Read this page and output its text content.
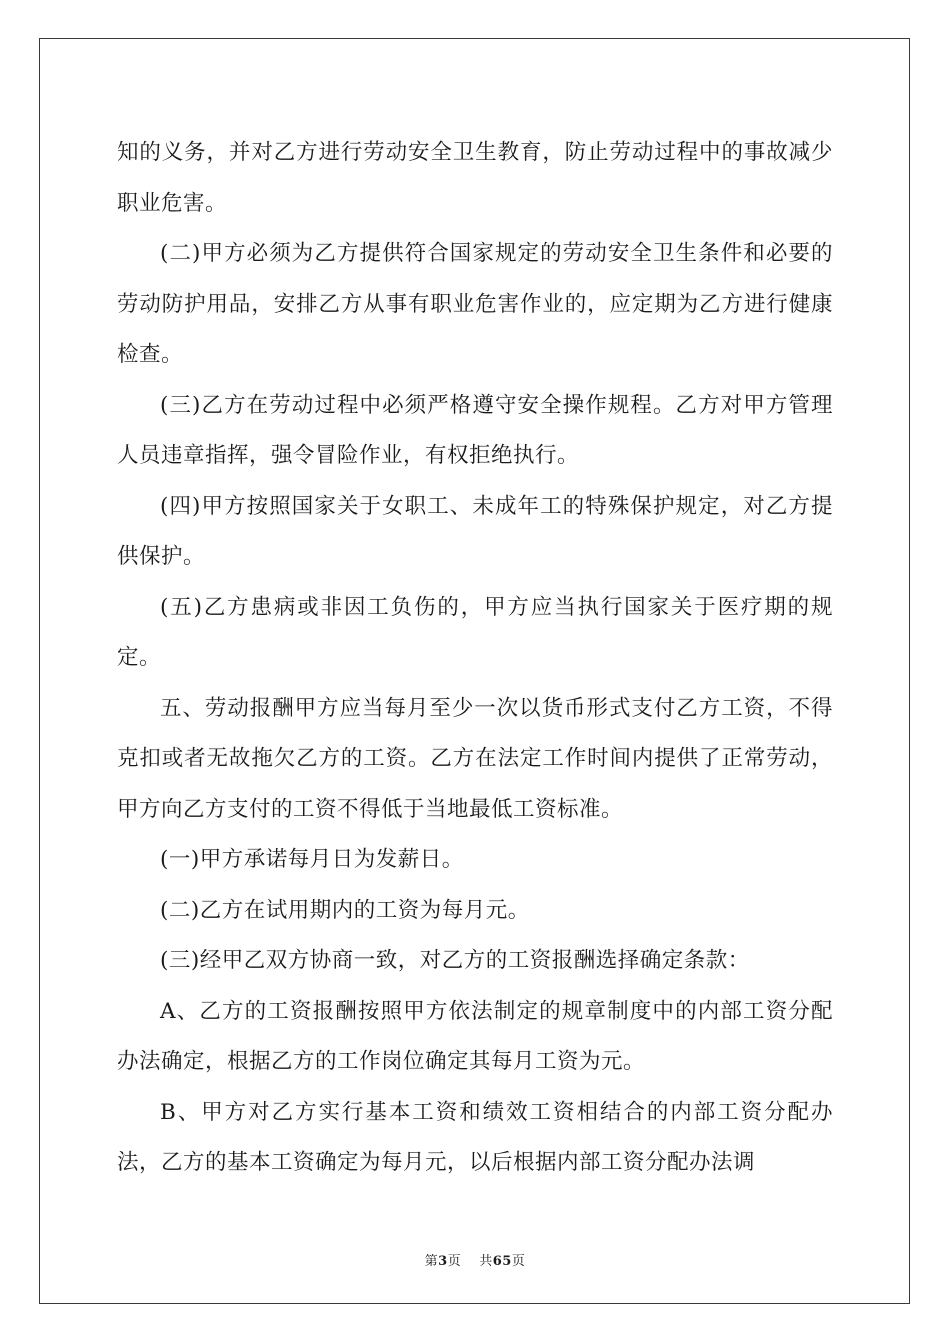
知的义务，并对乙方进行劳动安全卫生教育，防止劳动过程中的事故减少职业危害。

(二)甲方必须为乙方提供符合国家规定的劳动安全卫生条件和必要的劳动防护用品，安排乙方从事有职业危害作业的，应定期为乙方进行健康检查。

(三)乙方在劳动过程中必须严格遵守安全操作规程。乙方对甲方管理人员违章指挥，强令冒险作业，有权拒绝执行。

(四)甲方按照国家关于女职工、未成年工的特殊保护规定，对乙方提供保护。

(五)乙方患病或非因工负伤的，甲方应当执行国家关于医疗期的规定。

五、劳动报酬甲方应当每月至少一次以货币形式支付乙方工资，不得克扣或者无故拖欠乙方的工资。乙方在法定工作时间内提供了正常劳动，甲方向乙方支付的工资不得低于当地最低工资标准。

(一)甲方承诺每月日为发薪日。

(二)乙方在试用期内的工资为每月元。

(三)经甲乙双方协商一致，对乙方的工资报酬选择确定条款：

A、乙方的工资报酬按照甲方依法制定的规章制度中的内部工资分配办法确定，根据乙方的工作岗位确定其每月工资为元。

B、甲方对乙方实行基本工资和绩效工资相结合的内部工资分配办法，乙方的基本工资确定为每月元，以后根据内部工资分配办法调

第3页 共65页
